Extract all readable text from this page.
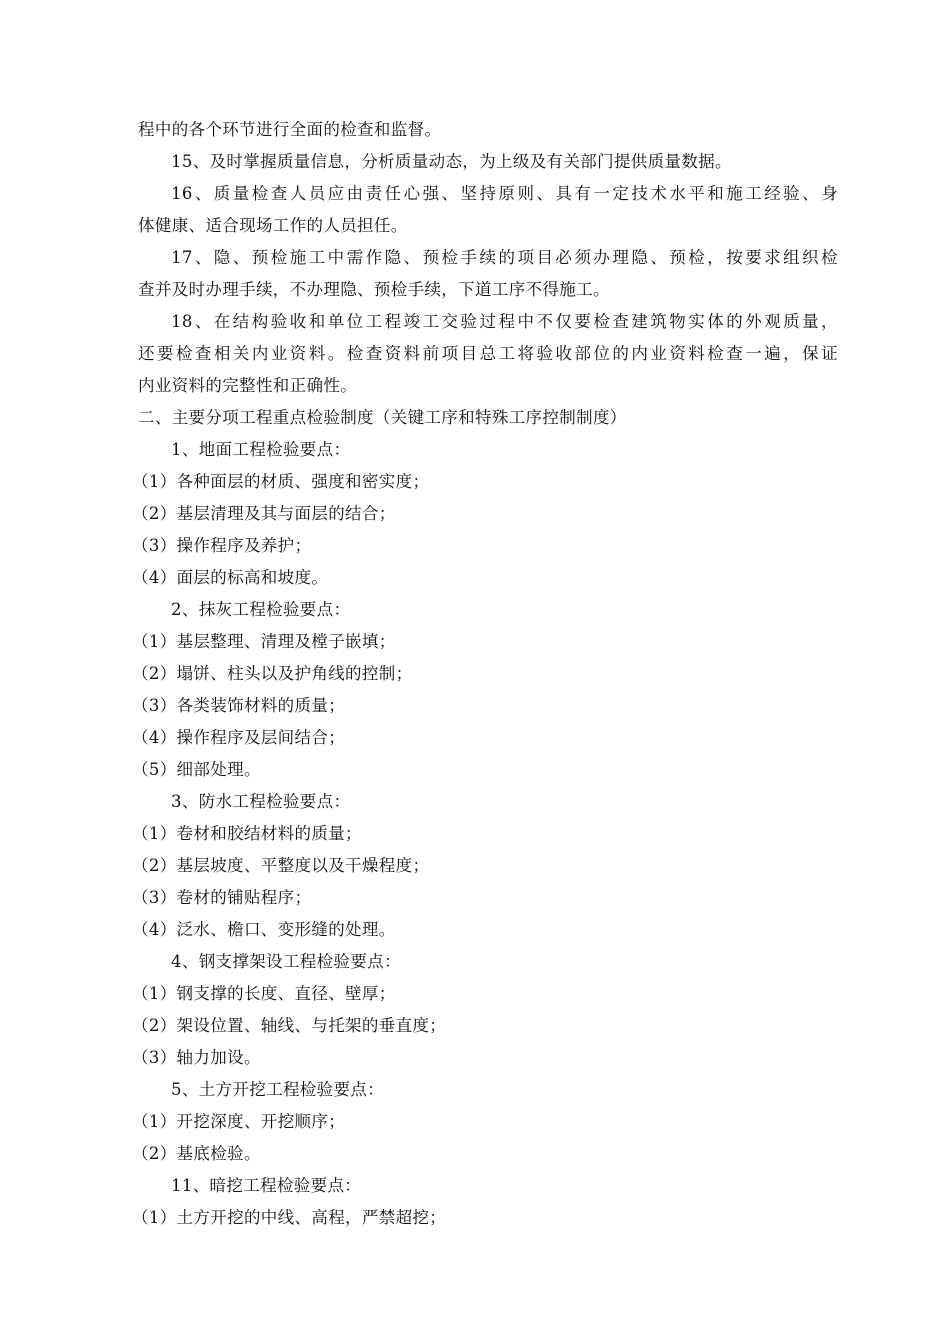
程中的各个环节进行全面的检查和监督。
15、及时掌握质量信息，分析质量动态，为上级及有关部门提供质量数据。
16、质量检查人员应由责任心强、坚持原则、具有一定技术水平和施工经验、身
体健康、适合现场工作的人员担任。
17、隐、预检施工中需作隐、预检手续的项目必须办理隐、预检，按要求组织检
查并及时办理手续，不办理隐、预检手续，下道工序不得施工。
18、在结构验收和单位工程竣工交验过程中不仅要检查建筑物实体的外观质量，
还要检查相关内业资料。检查资料前项目总工将验收部位的内业资料检查一遍，保证
内业资料的完整性和正确性。
二、主要分项工程重点检验制度（关键工序和特殊工序控制制度）
1、地面工程检验要点：
（1）各种面层的材质、强度和密实度；
（2）基层清理及其与面层的结合；
（3）操作程序及养护；
（4）面层的标高和坡度。
2、抹灰工程检验要点：
（1）基层整理、清理及樘子嵌填；
（2）塌饼、柱头以及护角线的控制；
（3）各类装饰材料的质量；
（4）操作程序及层间结合；
（5）细部处理。
3、防水工程检验要点：
（1）卷材和胶结材料的质量；
（2）基层坡度、平整度以及干燥程度；
（3）卷材的铺贴程序；
（4）泛水、檐口、变形缝的处理。
4、钢支撑架设工程检验要点：
（1）钢支撑的长度、直径、壁厚；
（2）架设位置、轴线、与托架的垂直度；
（3）轴力加设。
5、土方开挖工程检验要点：
（1）开挖深度、开挖顺序；
（2）基底检验。
11、暗挖工程检验要点：
（1）土方开挖的中线、高程，严禁超挖；
